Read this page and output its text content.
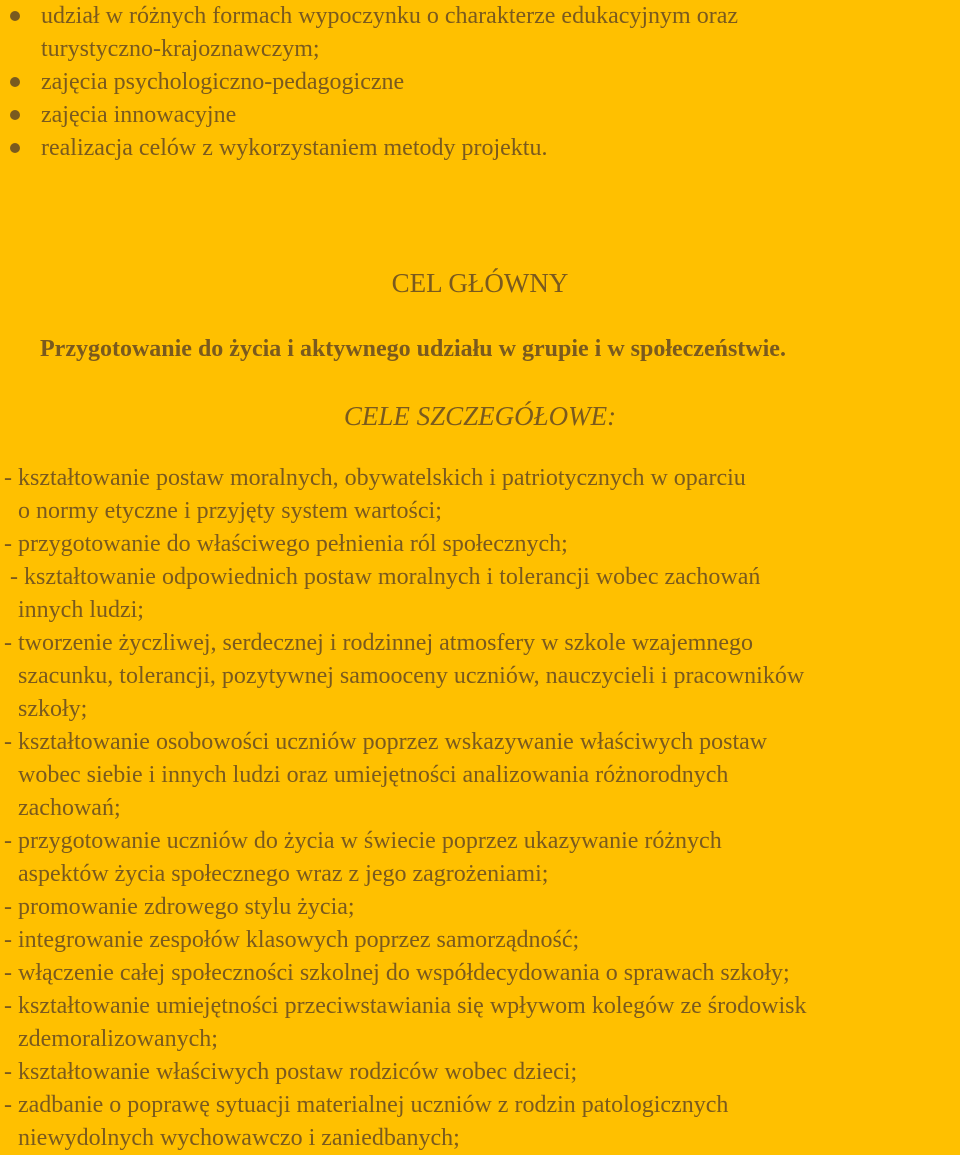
udział w różnych formach wypoczynku o charakterze edukacyjnym oraz
turystyczno-krajoznawczym;
zajęcia psychologiczno-pedagogiczne
zajęcia innowacyjne
realizacja celów z wykorzystaniem metody projektu.
CEL GŁÓWNY
Przygotowanie do życia i aktywnego udziału w grupie i w społeczeństwie.
CELE SZCZEGÓŁOWE:
- kształtowanie postaw moralnych, obywatelskich i patriotycznych w oparciu
o normy etyczne i przyjęty system wartości;
- przygotowanie do właściwego pełnienia ról społecznych;
- kształtowanie odpowiednich postaw moralnych i tolerancji wobec zachowań
innych ludzi;
- tworzenie życzliwej, serdecznej i rodzinnej atmosfery w szkole wzajemnego
szacunku, tolerancji, pozytywnej samooceny uczniów, nauczycieli i pracowników
szkoły;
- kształtowanie osobowości uczniów poprzez wskazywanie właściwych postaw
wobec siebie i innych ludzi oraz umiejętności analizowania różnorodnych
zachowań;
- przygotowanie uczniów do życia w świecie poprzez ukazywanie różnych
aspektów życia społecznego wraz z jego zagrożeniami;
- promowanie zdrowego stylu życia;
- integrowanie zespołów klasowych poprzez samorządność;
- włączenie całej społeczności szkolnej do współdecydowania o sprawach szkoły;
- kształtowanie umiejętności przeciwstawiania się wpływom kolegów ze środowisk
zdemoralizowanych;
- kształtowanie właściwych postaw rodziców wobec dzieci;
- zadbanie o poprawę sytuacji materialnej uczniów z rodzin patologicznych
niewydolnych wychowawczo i zaniedbanych;
